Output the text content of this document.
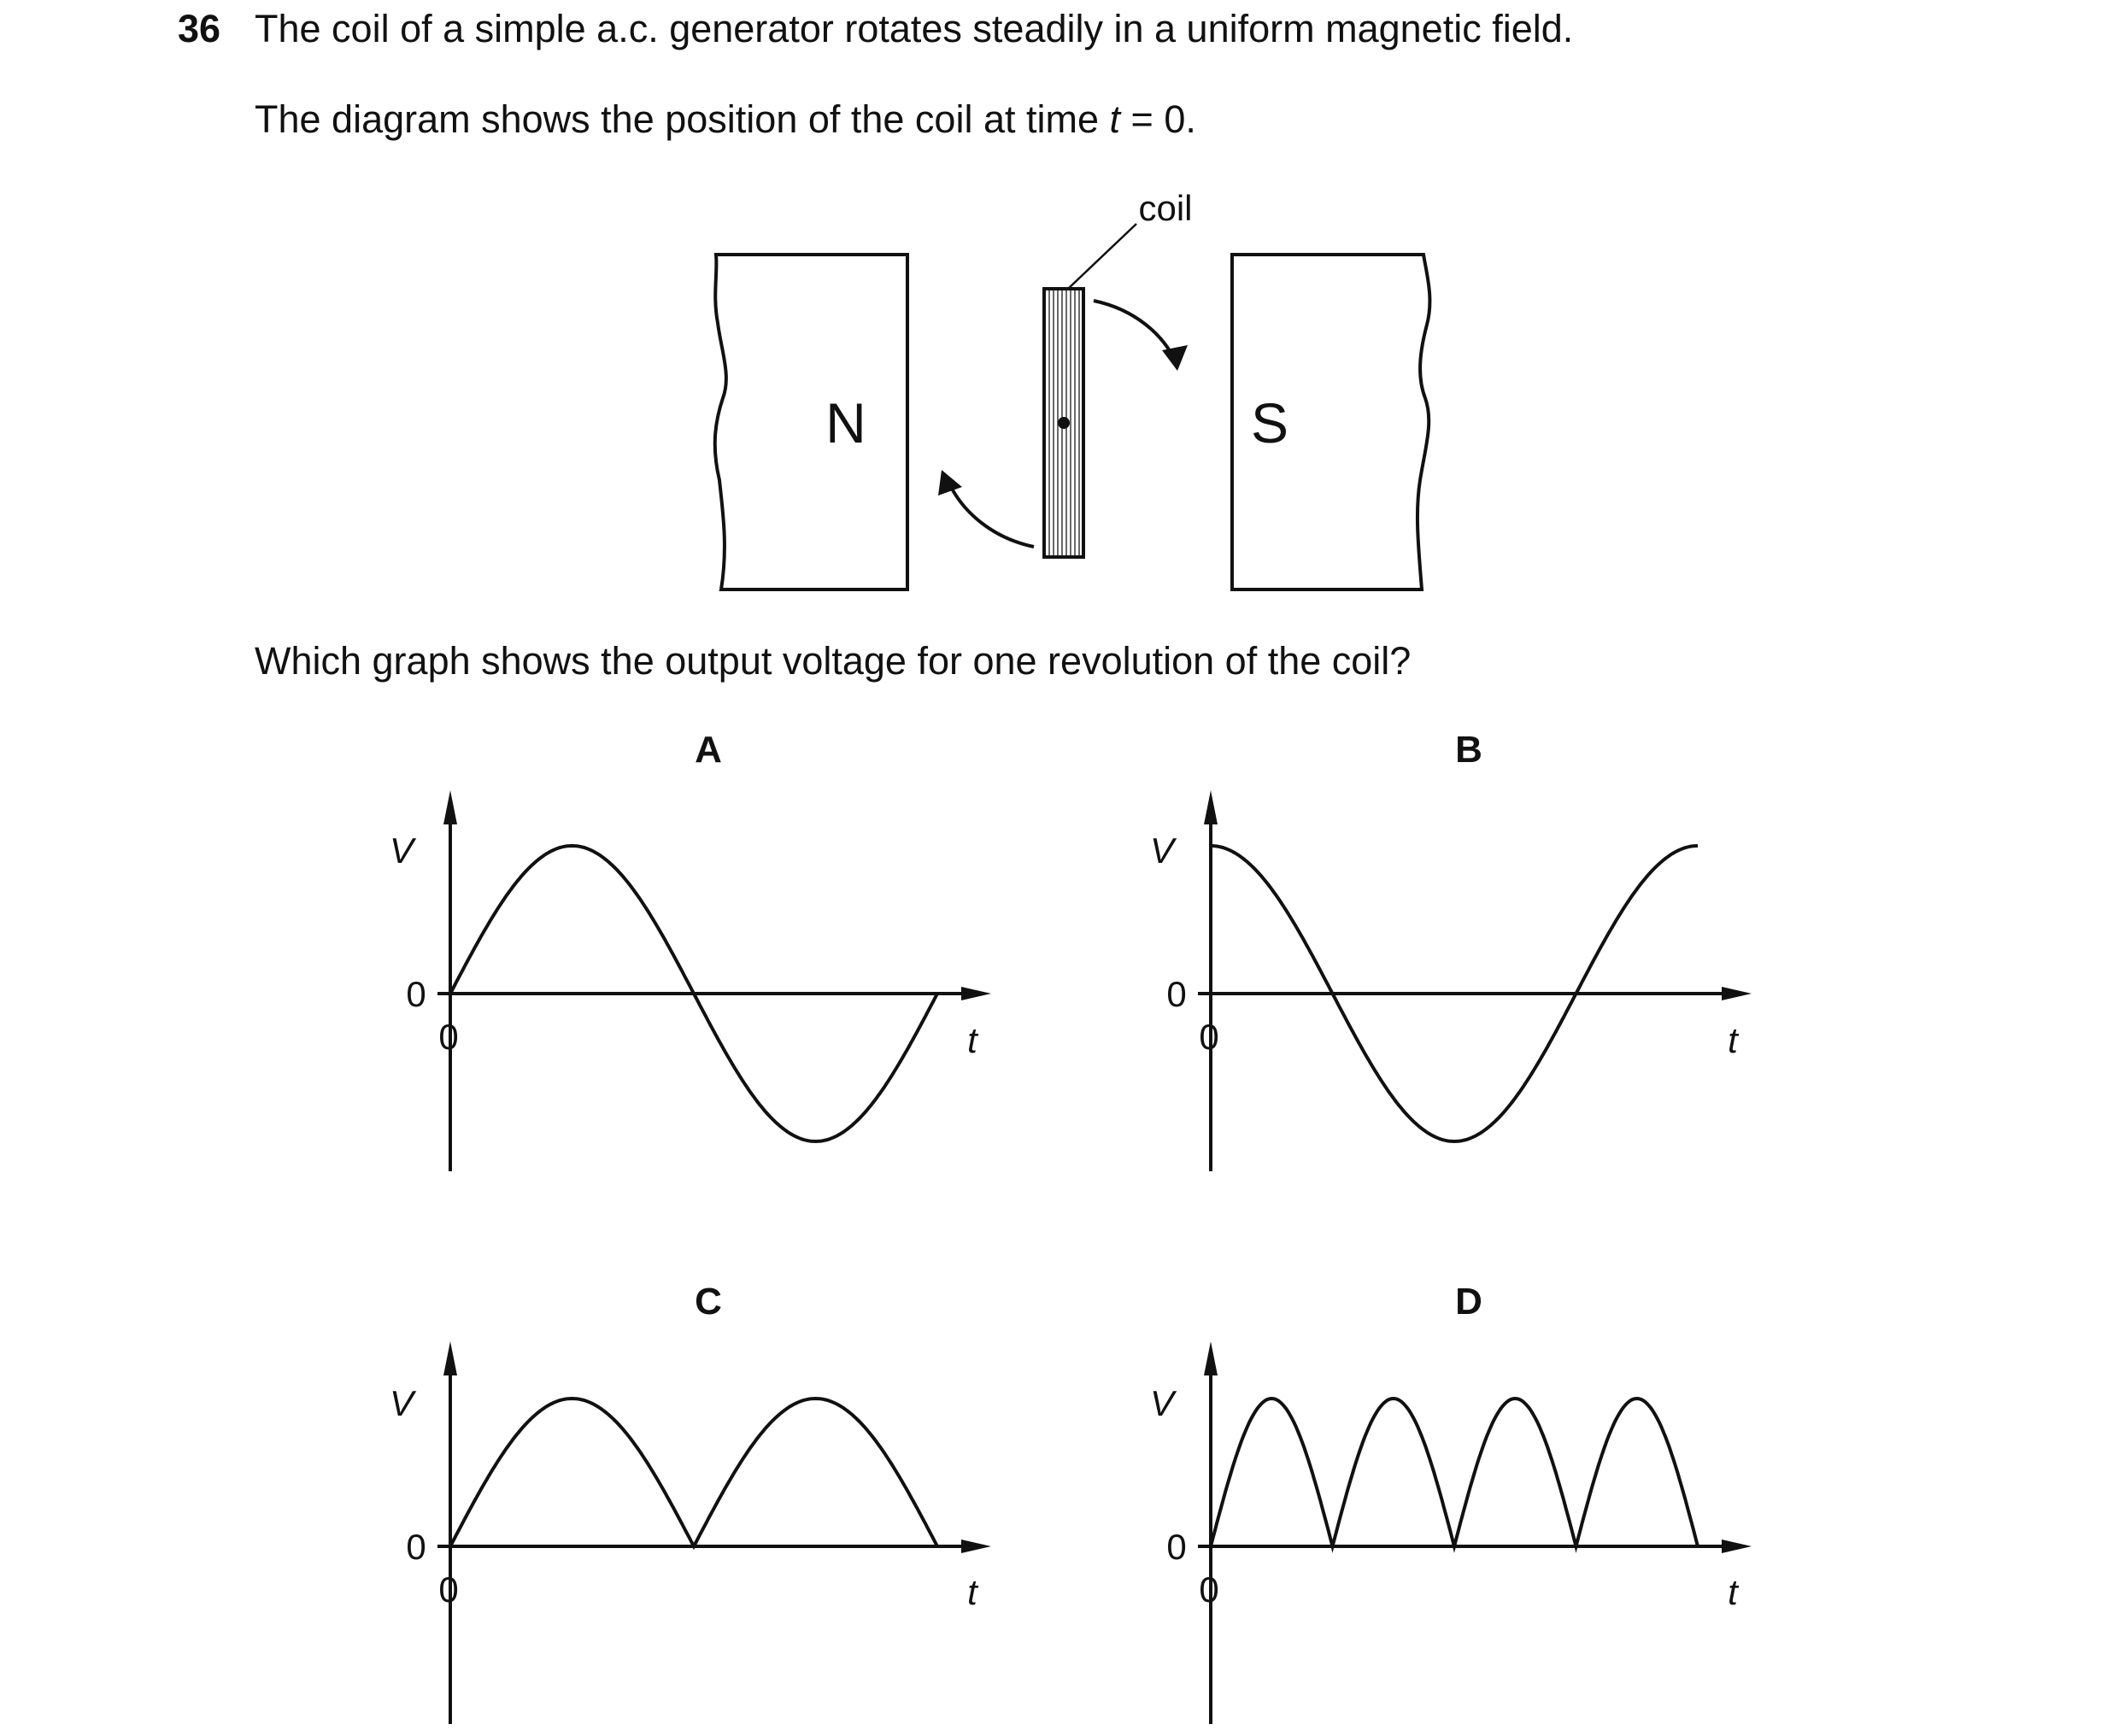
36 The coil of a simple a.c. generator rotates steadily in a uniform magnetic field.
The diagram shows the position of the coil at time t = 0.
Which graph shows the output voltage for one revolution of the coil?
N	S
coil
A	B
C	D
V
0
0	t
V
0
0	t
V
0
0	t
V
0
0	t
